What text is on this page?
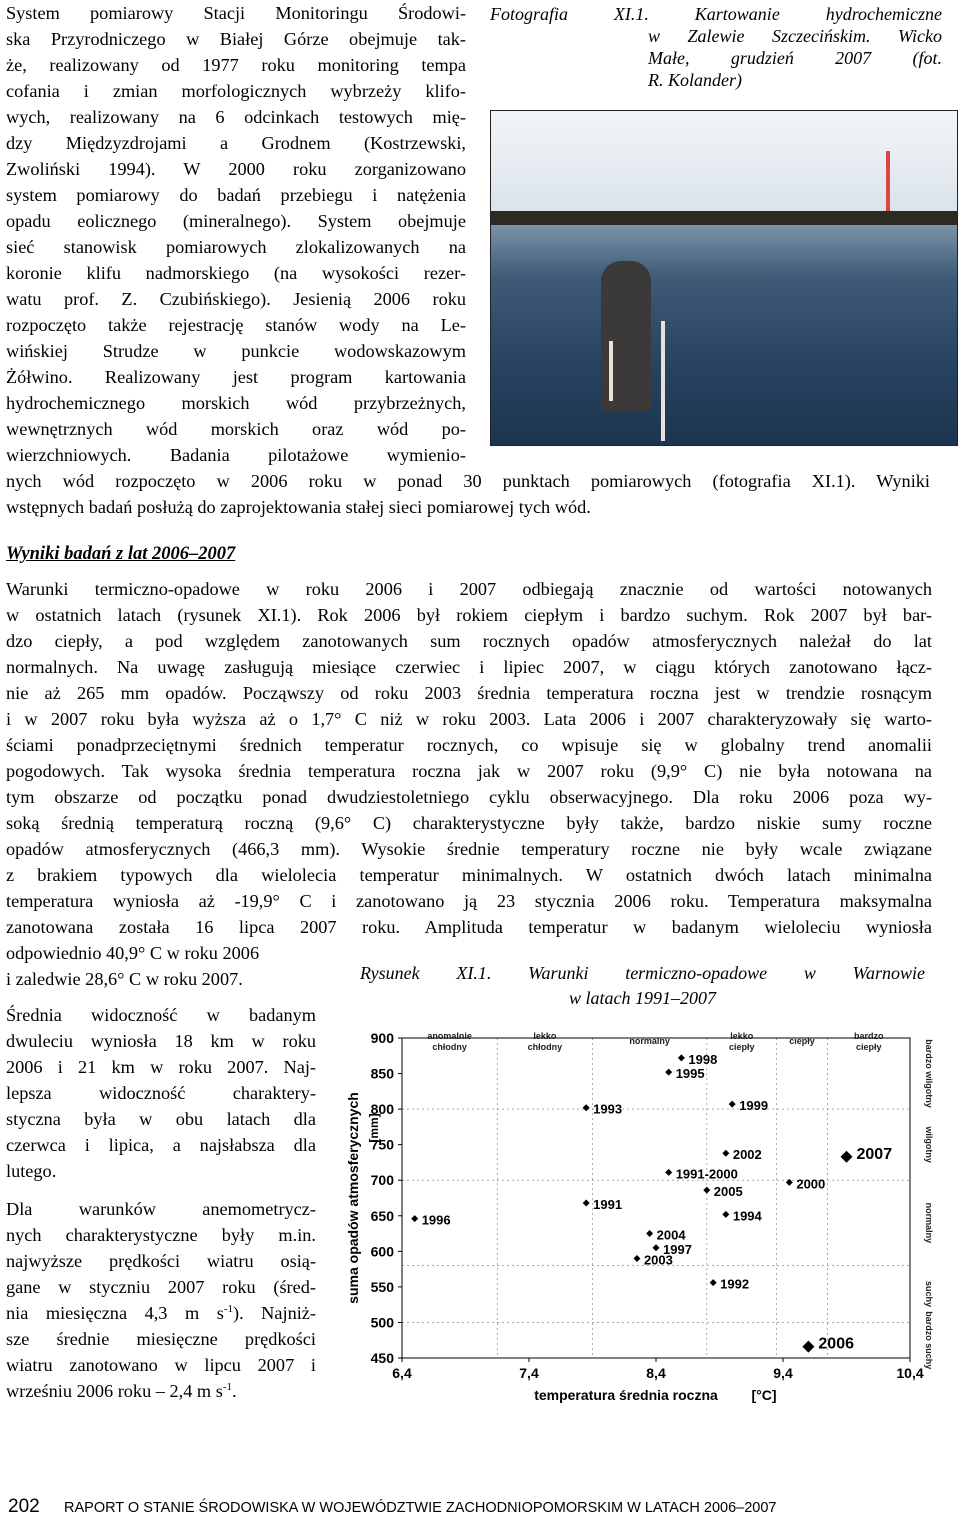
System pomiarowy Stacji Monitoringu Środowi-
ska Przyrodniczego w Białej Górze obejmuje tak-
że, realizowany od 1977 roku monitoring tempa
cofania i zmian morfologicznych wybrzeży klifo-
wych, realizowany na 6 odcinkach testowych mię-
dzy Międzyzdrojami a Grodnem (Kostrzewski,
Zwoliński 1994). W 2000 roku zorganizowano
system pomiarowy do badań przebiegu i natężenia
opadu eolicznego (mineralnego). System obejmuje
sieć stanowisk pomiarowych zlokalizowanych na
koronie klifu nadmorskiego (na wysokości rezer-
watu prof. Z. Czubińskiego). Jesienią 2006 roku
rozpoczęto także rejestrację stanów wody na Le-
wińskiej Strudze w punkcie wodowskazowym
Żółwino. Realizowany jest program kartowania
hydrochemicznego morskich wód przybrzeżnych,
wewnętrznych wód morskich oraz wód po-
wierzchniowych. Badania pilotażowe wymienio-
nych wód rozpoczęto w 2006 roku w ponad 30 punktach pomiarowych (fotografia XI.1). Wyniki
wstępnych badań posłużą do zaprojektowania stałej sieci pomiarowej tych wód.
Fotografia XI.1. Kartowanie hydrochemiczne
w Zalewie Szczecińskim. Wicko
Małe, grudzień 2007 (fot.
R. Kolander)
Wyniki badań z lat 2006–2007
Warunki termiczno-opadowe w roku 2006 i 2007 odbiegają znacznie od wartości notowanych
w ostatnich latach (rysunek XI.1). Rok 2006 był rokiem ciepłym i bardzo suchym. Rok 2007 był bar-
dzo ciepły, a pod względem zanotowanych sum rocznych opadów atmosferycznych należał do lat
normalnych. Na uwagę zasługują miesiące czerwiec i lipiec 2007, w ciągu których zanotowano łącz-
nie aż 265 mm opadów. Począwszy od roku 2003 średnia temperatura roczna jest w trendzie rosnącym
i w 2007 roku była wyższa aż o 1,7° C niż w roku 2003. Lata 2006 i 2007 charakteryzowały się warto-
ściami ponadprzeciętnymi średnich temperatur rocznych, co wpisuje się w globalny trend anomalii
pogodowych. Tak wysoka średnia temperatura roczna jak w 2007 roku (9,9° C) nie była notowana na
tym obszarze od początku ponad dwudziestoletniego cyklu obserwacyjnego. Dla roku 2006 poza wy-
soką średnią temperaturą roczną (9,6° C) charakterystyczne były także, bardzo niskie sumy roczne
opadów atmosferycznych (466,3 mm). Wysokie średnie temperatury roczne nie były wcale związane
z brakiem typowych dla wielolecia temperatur minimalnych. W ostatnich dwóch latach minimalna
temperatura wyniosła aż -19,9° C i zanotowano ją 23 stycznia 2006 roku. Temperatura maksymalna
zanotowana została 16 lipca 2007 roku. Amplituda temperatur w badanym wieloleciu wyniosła
odpowiednio 40,9° C w roku 2006
i zaledwie 28,6° C w roku 2007.
Średnia widoczność w badanym
dwuleciu wyniosła 18 km w roku
2006 i 21 km w roku 2007. Naj-
lepsza widoczność charaktery-
styczna była w obu latach dla
czerwca i lipica, a najsłabsza dla
lutego.
Dla warunków anemometrycz-
nych charakterystyczne były m.in.
najwyższe prędkości wiatru osią-
gane w styczniu 2007 roku (śred-
nia miesięczna 4,3 m $s^{-1}$). Najniż-
sze średnie miesięczne prędkości
wiatru zanotowano w lipcu 2007 i
wrześniu 2006 roku – 2,4 m $s^{-1}$.
Rysunek XI.1. Warunki termiczno-opadowe w Warnowie
w latach 1991–2007
anomalnie
chłodny
lekko
chłodny
normalny	lekko
ciepły
ciepły	bardzo
ciepły	bardzo wilgotny
wilgotny
normalny
suchy
bardzo suchy
900
850
800
750
700
650
600
550
500
450
6,4	7,4	8,4	9,4	10,4
suma opadów atmosferycznych [mm]
temperatura średnia roczna [°C]
1996
1998
1995
1993	1999
2002	2007
1991-2000
2000
2005
1991
1994
2004
1997
2003
1992
2006
202 RAPORT O STANIE ŚRODOWISKA W WOJEWÓDZTWIE ZACHODNIOPOMORSKIM W LATACH 2006–2007
